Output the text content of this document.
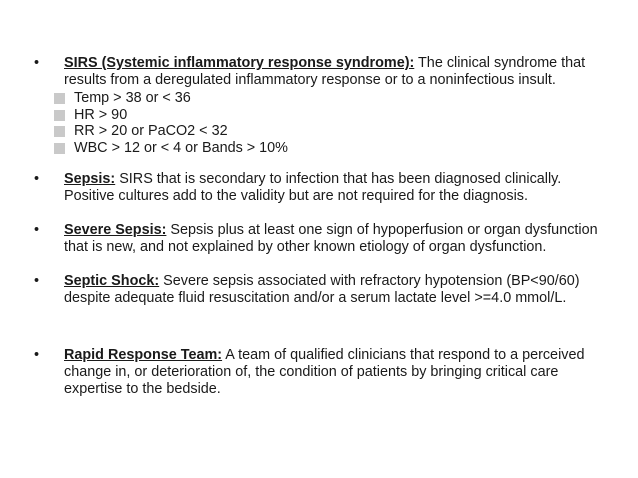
•	SIRS (Systemic inflammatory response syndrome): The clinical syndrome that results from a deregulated inflammatory response or to a noninfectious insult.
Temp > 38 or < 36
HR > 90
RR > 20 or PaCO2 < 32
WBC > 12 or < 4 or Bands > 10%
•	Sepsis: SIRS that is secondary to infection that has been diagnosed clinically. Positive cultures add to the validity but are not required for the diagnosis.
•	Severe Sepsis: Sepsis plus at least one sign of hypoperfusion or organ dysfunction that is new, and not explained by other known etiology of organ dysfunction.
•	Septic Shock: Severe sepsis associated with refractory hypotension (BP<90/60) despite adequate fluid resuscitation and/or a serum lactate level >=4.0 mmol/L.
•	Rapid Response Team: A team of qualified clinicians that respond to a perceived change in, or deterioration of, the condition of patients by bringing critical care expertise to the bedside.
